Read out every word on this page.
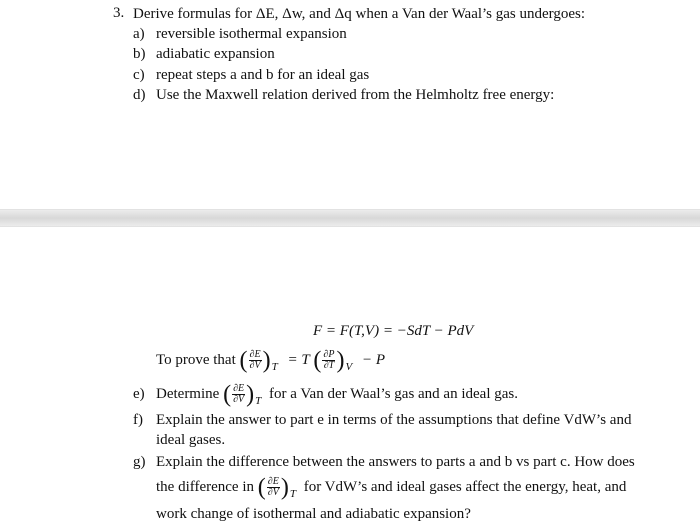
3. Derive formulas for ΔE, Δw, and Δq when a Van der Waal’s gas undergoes:
a) reversible isothermal expansion
b) adiabatic expansion
c) repeat steps a and b for an ideal gas
d) Use the Maxwell relation derived from the Helmholtz free energy:
F = F(T,V) = −SdT − PdV
To prove that ( $\frac{\partial E}{\partial V} )_T = T$ ( $\frac{\partial P}{\partial T} )_V - P$
e) Determine ( $\frac{\partial E}{\partial V} )_T$ for a Van der Waal’s gas and an ideal gas.
f) Explain the answer to part e in terms of the assumptions that define VdW’s and
ideal gases.
g) Explain the difference between the answers to parts a and b vs part c. How does
the difference in ( $\frac{\partial E}{\partial V} )_T$ for VdW’s and ideal gases affect the energy, heat, and
work change of isothermal and adiabatic expansion?
